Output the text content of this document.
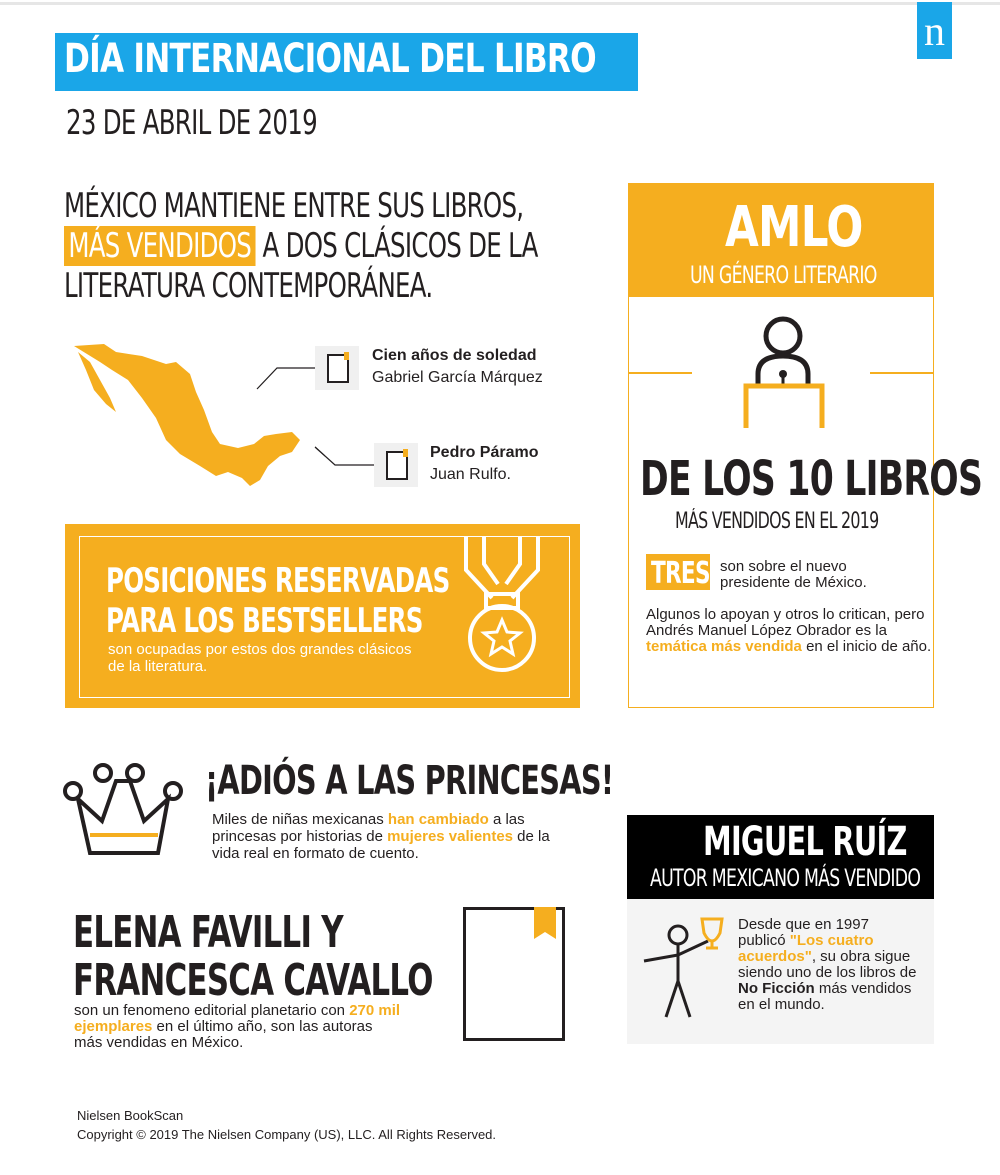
n
DÍA INTERNACIONAL DEL LIBRO
23 DE ABRIL DE 2019
MÉXICO MANTIENE ENTRE SUS LIBROS,
MÁS VENDIDOS A DOS CLÁSICOS DE LA
LITERATURA CONTEMPORÁNEA.
Cien años de soledad
Gabriel García Márquez
Pedro Páramo
Juan Rulfo.
POSICIONES RESERVADAS
PARA LOS BESTSELLERS
son ocupadas por estos dos grandes clásicos de la literatura.
AMLO
UN GÉNERO LITERARIO
DE LOS 10 LIBROS
MÁS VENDIDOS EN EL 2019
TRES son sobre el nuevo presidente de México.
Algunos lo apoyan y otros lo critican, pero Andrés Manuel López Obrador es la temática más vendida en el inicio de año.
¡ADIÓS A LAS PRINCESAS!
Miles de niñas mexicanas han cambiado a las princesas por historias de mujeres valientes de la vida real en formato de cuento.
ELENA FAVILLI Y
FRANCESCA CAVALLO
son un fenomeno editorial planetario con 270 mil ejemplares en el último año, son las autoras más vendidas en México.
MIGUEL RUÍZ
AUTOR MEXICANO MÁS VENDIDO
Desde que en 1997 publicó "Los cuatro acuerdos", su obra sigue siendo uno de los libros de No Ficción más vendidos en el mundo.
Nielsen BookScan
Copyright © 2019 The Nielsen Company (US), LLC. All Rights Reserved.
